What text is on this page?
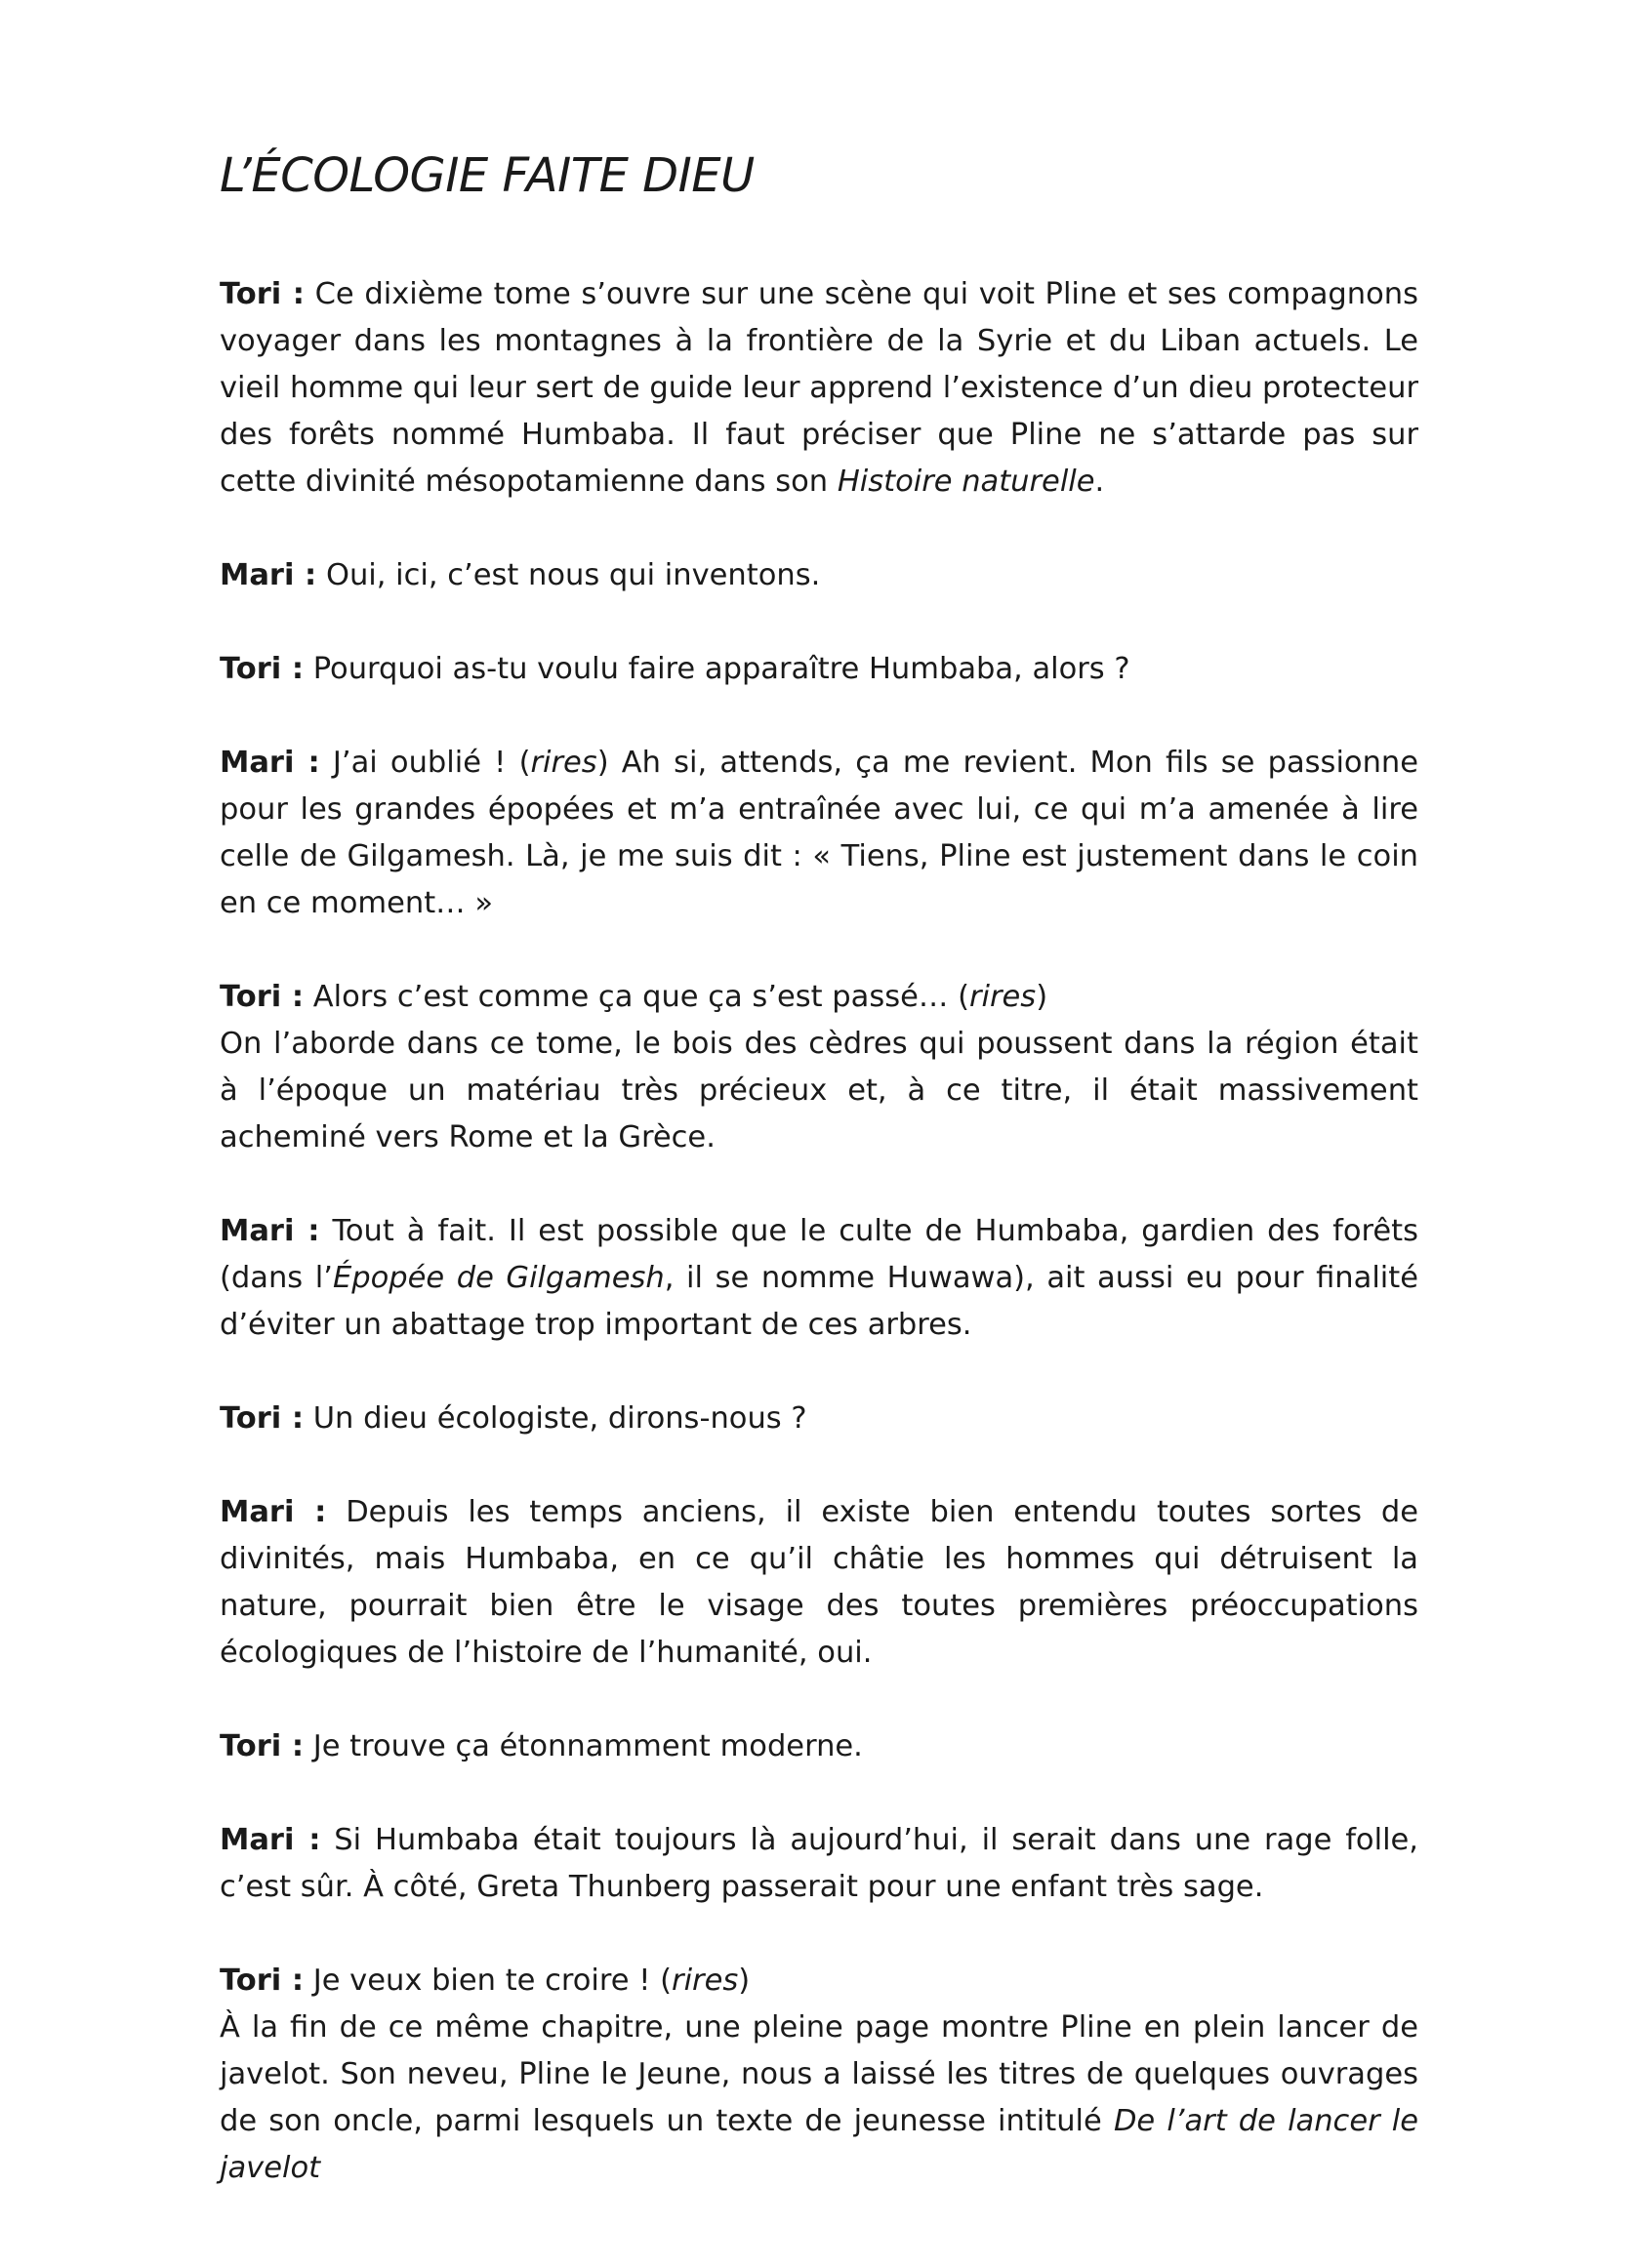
L’ÉCOLOGIE FAITE DIEU

Tori : Ce dixième tome s’ouvre sur une scène qui voit Pline et ses compagnons voyager dans les montagnes à la frontière de la Syrie et du Liban actuels. Le vieil homme qui leur sert de guide leur apprend l’existence d’un dieu protecteur des forêts nommé Humbaba. Il faut préciser que Pline ne s’attarde pas sur cette divinité mésopotamienne dans son Histoire naturelle.

Mari : Oui, ici, c’est nous qui inventons.

Tori : Pourquoi as-tu voulu faire apparaître Humbaba, alors ?

Mari : J’ai oublié ! (rires) Ah si, attends, ça me revient. Mon fils se passionne pour les grandes épopées et m’a entraînée avec lui, ce qui m’a amenée à lire celle de Gilgamesh. Là, je me suis dit : « Tiens, Pline est justement dans le coin en ce moment… »

Tori : Alors c’est comme ça que ça s’est passé… (rires)
On l’aborde dans ce tome, le bois des cèdres qui poussent dans la région était à l’époque un matériau très précieux et, à ce titre, il était massivement acheminé vers Rome et la Grèce.

Mari : Tout à fait. Il est possible que le culte de Humbaba, gardien des forêts (dans l’Épopée de Gilgamesh, il se nomme Huwawa), ait aussi eu pour finalité d’éviter un abattage trop important de ces arbres.

Tori : Un dieu écologiste, dirons-nous ?

Mari : Depuis les temps anciens, il existe bien entendu toutes sortes de divinités, mais Humbaba, en ce qu’il châtie les hommes qui détruisent la nature, pourrait bien être le visage des toutes premières préoccupations écologiques de l’histoire de l’humanité, oui.

Tori : Je trouve ça étonnamment moderne.

Mari : Si Humbaba était toujours là aujourd’hui, il serait dans une rage folle, c’est sûr. À côté, Greta Thunberg passerait pour une enfant très sage.

Tori : Je veux bien te croire ! (rires)
À la fin de ce même chapitre, une pleine page montre Pline en plein lancer de javelot. Son neveu, Pline le Jeune, nous a laissé les titres de quelques ouvrages de son oncle, parmi lesquels un texte de jeunesse intitulé De l’art de lancer le javelot
